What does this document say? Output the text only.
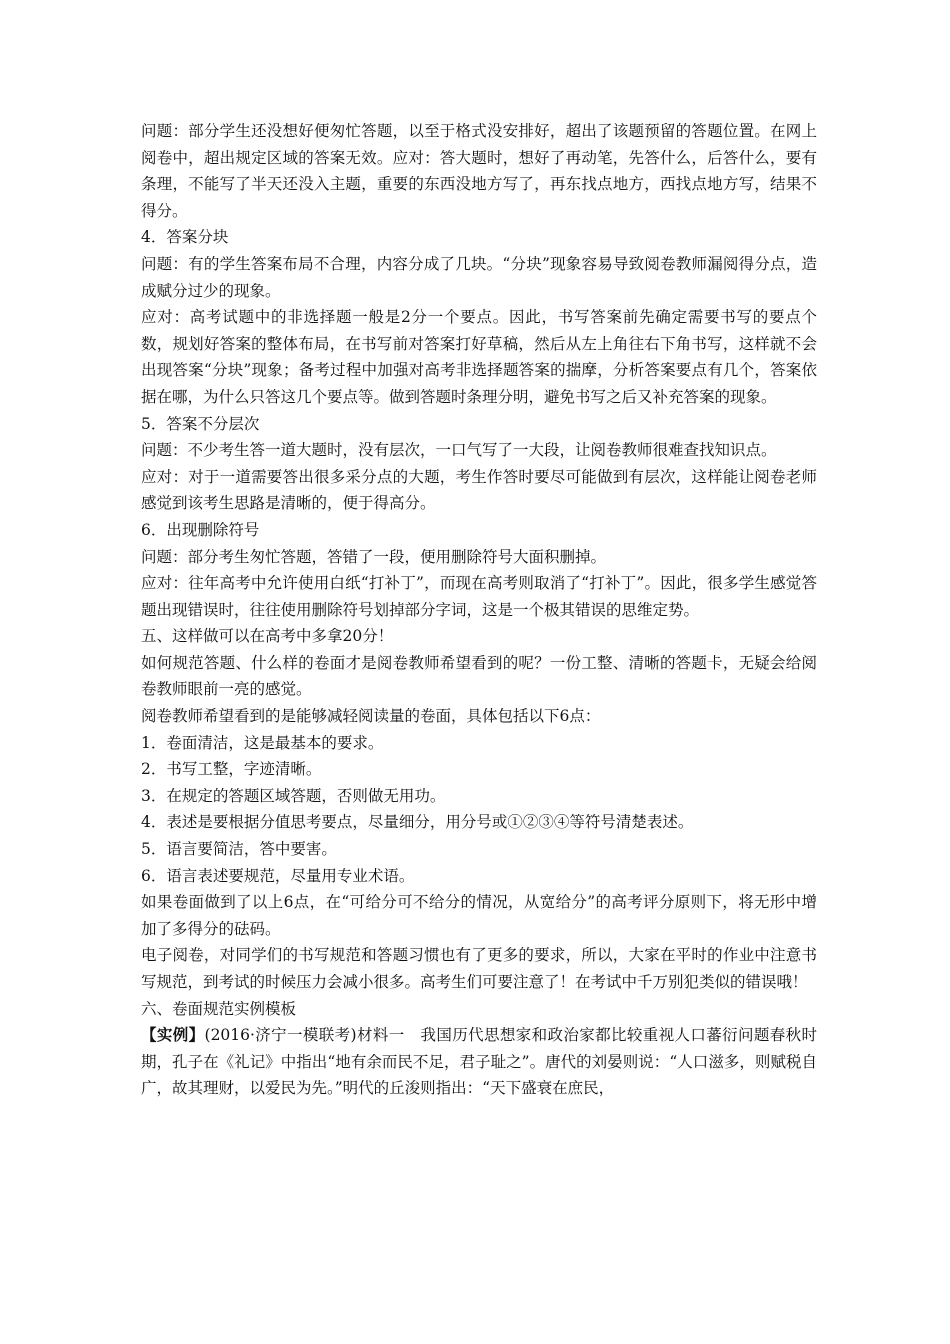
问题：部分学生还没想好便匆忙答题，以至于格式没安排好，超出了该题预留的答题位置。在网上阅卷中，超出规定区域的答案无效。应对：答大题时，想好了再动笔，先答什么，后答什么，要有条理，不能写了半天还没入主题，重要的东西没地方写了，再东找点地方，西找点地方写，结果不得分。

4．答案分块

问题：有的学生答案布局不合理，内容分成了几块。“分块”现象容易导致阅卷教师漏阅得分点，造成赋分过少的现象。

应对：高考试题中的非选择题一般是2分一个要点。因此，书写答案前先确定需要书写的要点个数，规划好答案的整体布局，在书写前对答案打好草稿，然后从左上角往右下角书写，这样就不会出现答案“分块”现象；备考过程中加强对高考非选择题答案的揣摩，分析答案要点有几个，答案依据在哪，为什么只答这几个要点等。做到答题时条理分明，避免书写之后又补充答案的现象。

5．答案不分层次

问题：不少考生答一道大题时，没有层次，一口气写了一大段，让阅卷教师很难查找知识点。

应对：对于一道需要答出很多采分点的大题，考生作答时要尽可能做到有层次，这样能让阅卷老师感觉到该考生思路是清晰的，便于得高分。

6．出现删除符号

问题：部分考生匆忙答题，答错了一段，便用删除符号大面积删掉。

应对：往年高考中允许使用白纸“打补丁”，而现在高考则取消了“打补丁”。因此，很多学生感觉答题出现错误时，往往使用删除符号划掉部分字词，这是一个极其错误的思维定势。

五、这样做可以在高考中多拿20分！

如何规范答题、什么样的卷面才是阅卷教师希望看到的呢？一份工整、清晰的答题卡，无疑会给阅卷教师眼前一亮的感觉。

阅卷教师希望看到的是能够减轻阅读量的卷面，具体包括以下6点：

1．卷面清洁，这是最基本的要求。

2．书写工整，字迹清晰。

3．在规定的答题区域答题，否则做无用功。

4．表述是要根据分值思考要点，尽量细分，用分号或①②③④等符号清楚表述。

5．语言要简洁，答中要害。

6．语言表述要规范，尽量用专业术语。

如果卷面做到了以上6点，在“可给分可不给分的情况，从宽给分”的高考评分原则下，将无形中增加了多得分的砝码。

电子阅卷，对同学们的书写规范和答题习惯也有了更多的要求，所以，大家在平时的作业中注意书写规范，到考试的时候压力会减小很多。高考生们可要注意了！在考试中千万别犯类似的错误哦！

六、卷面规范实例模板

【实例】(2016·济宁一模联考)材料一　我国历代思想家和政治家都比较重视人口蕃衍问题春秋时期，孔子在《礼记》中指出“地有余而民不足，君子耻之”。唐代的刘晏则说：“人口滋多，则赋税自广，故其理财，以爱民为先。”明代的丘浚则指出：“天下盛衰在庶民，
